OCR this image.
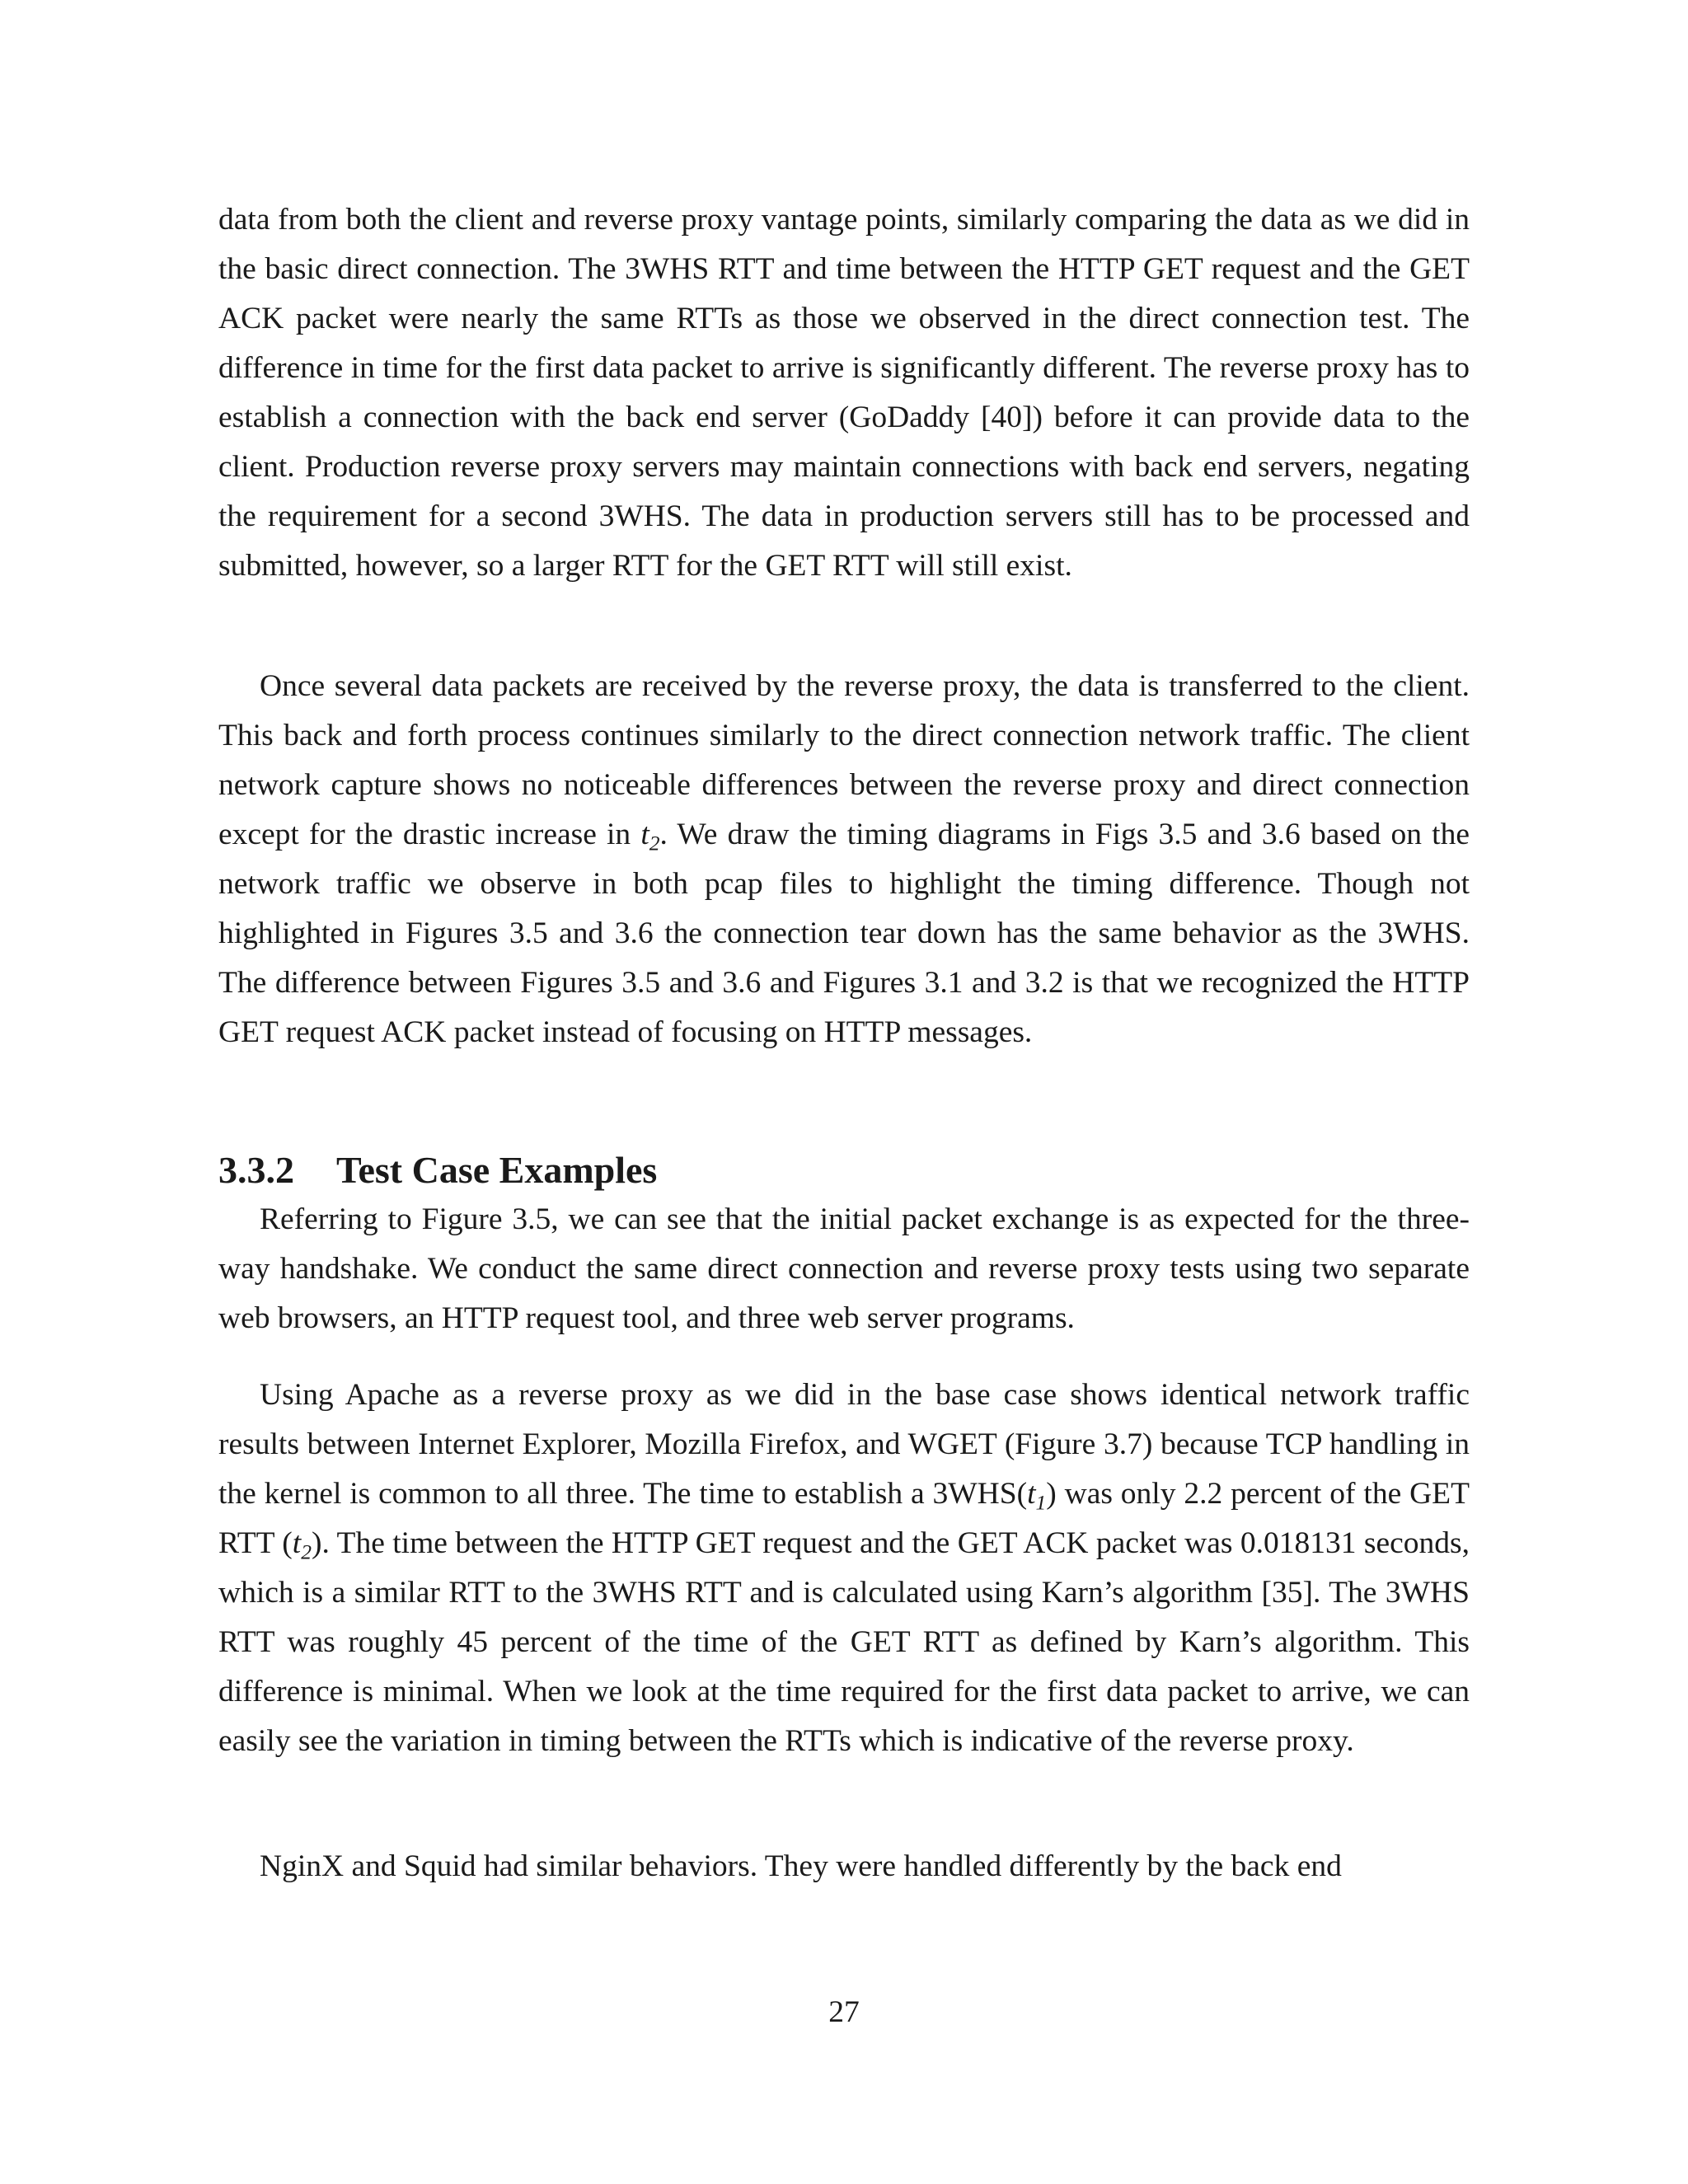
data from both the client and reverse proxy vantage points, similarly comparing the data as we did in the basic direct connection. The 3WHS RTT and time between the HTTP GET request and the GET ACK packet were nearly the same RTTs as those we observed in the direct connection test. The difference in time for the first data packet to arrive is significantly different. The reverse proxy has to establish a connection with the back end server (GoDaddy [40]) before it can provide data to the client. Production reverse proxy servers may maintain connections with back end servers, negating the requirement for a second 3WHS. The data in production servers still has to be processed and submitted, however, so a larger RTT for the GET RTT will still exist.

Once several data packets are received by the reverse proxy, the data is transferred to the client. This back and forth process continues similarly to the direct connection network traffic. The client network capture shows no noticeable differences between the reverse proxy and direct connection except for the drastic increase in $t_2$. We draw the timing diagrams in Figs 3.5 and 3.6 based on the network traffic we observe in both pcap files to highlight the timing difference. Though not highlighted in Figures 3.5 and 3.6 the connection tear down has the same behavior as the 3WHS. The difference between Figures 3.5 and 3.6 and Figures 3.1 and 3.2 is that we recognized the HTTP GET request ACK packet instead of focusing on HTTP messages.

3.3.2 Test Case Examples

Referring to Figure 3.5, we can see that the initial packet exchange is as expected for the three-way handshake. We conduct the same direct connection and reverse proxy tests using two separate web browsers, an HTTP request tool, and three web server programs.

Using Apache as a reverse proxy as we did in the base case shows identical network traffic results between Internet Explorer, Mozilla Firefox, and WGET (Figure 3.7) because TCP handling in the kernel is common to all three. The time to establish a $3WHS(t_1)$ was only 2.2 percent of the GET RTT $(t_2)$. The time between the HTTP GET request and the GET ACK packet was 0.018131 seconds, which is a similar RTT to the 3WHS RTT and is calculated using Karn’s algorithm [35]. The 3WHS RTT was roughly 45 percent of the time of the GET RTT as defined by Karn’s algorithm. This difference is minimal. When we look at the time required for the first data packet to arrive, we can easily see the variation in timing between the RTTs which is indicative of the reverse proxy.

NginX and Squid had similar behaviors. They were handled differently by the back end

27
